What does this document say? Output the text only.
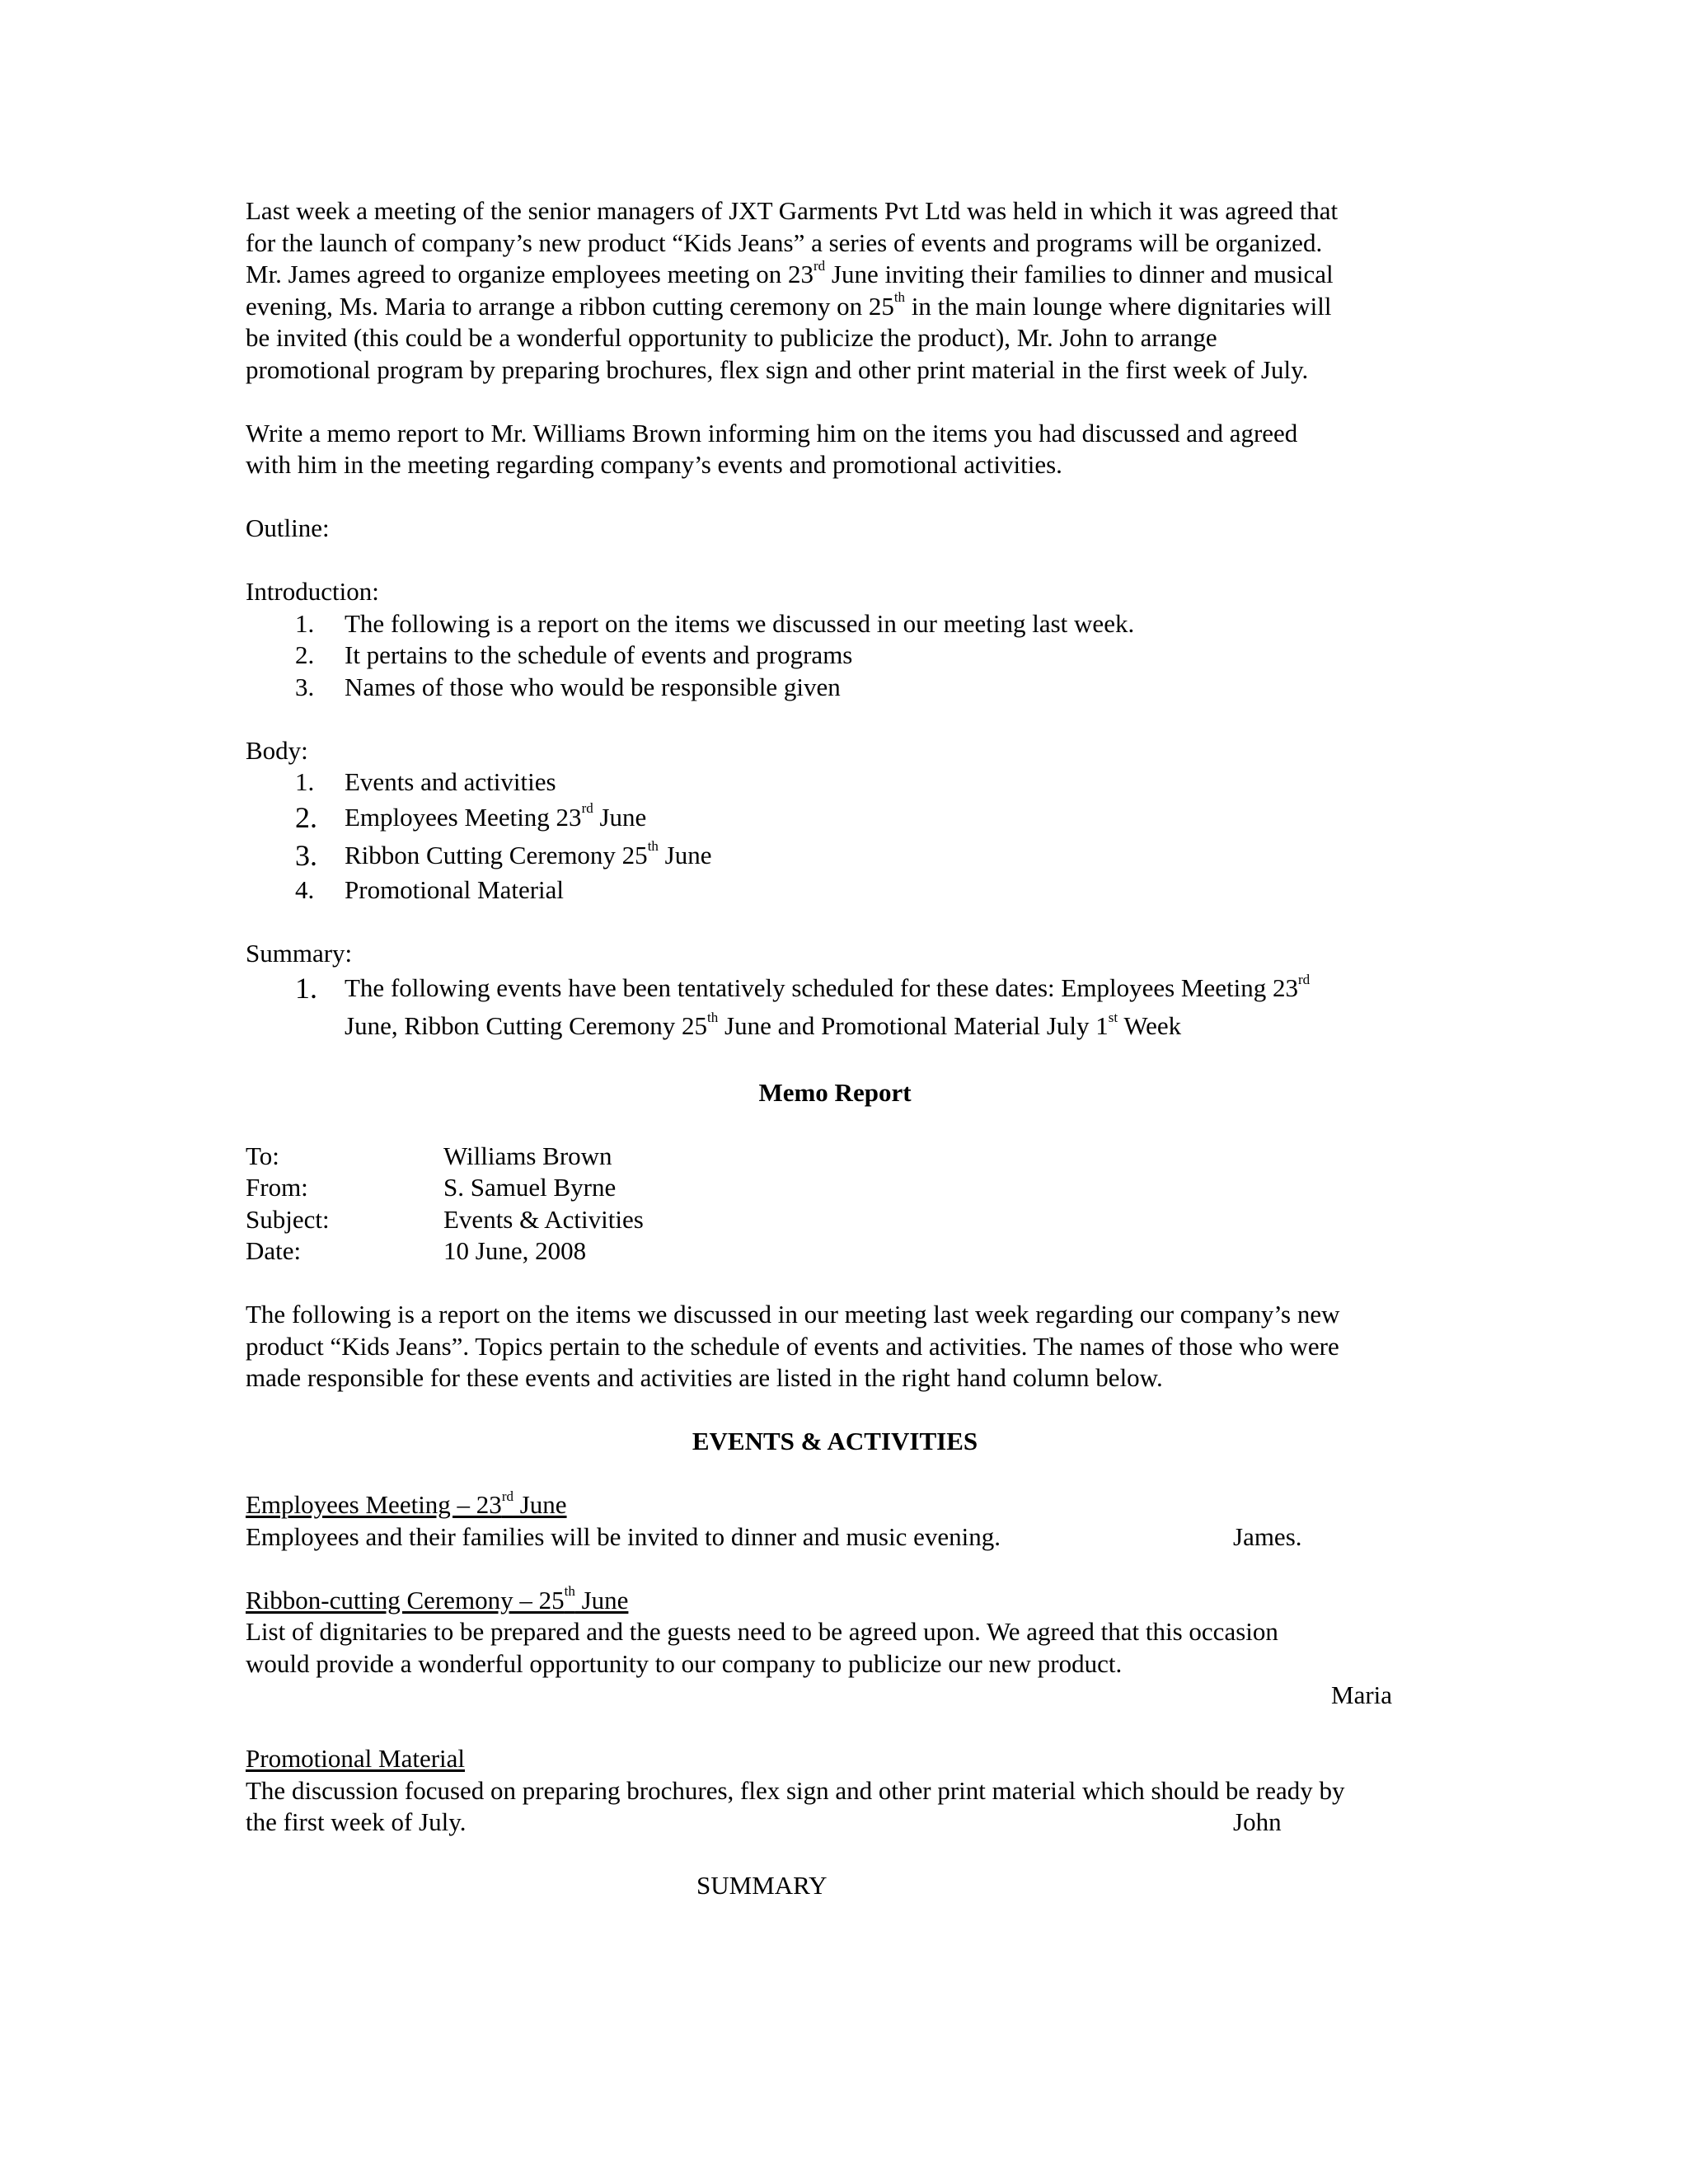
Last week a meeting of the senior managers of JXT Garments Pvt Ltd was held in which it was agreed that

for the launch of company’s new product “Kids Jeans” a series of events and programs will be organized.

Mr. James agreed to organize employees meeting on 23rd June inviting their families to dinner and musical

evening, Ms. Maria to arrange a ribbon cutting ceremony on 25th in the main lounge where dignitaries will

be invited (this could be a wonderful opportunity to publicize the product), Mr. John to arrange

promotional program by preparing brochures, flex sign and other print material in the first week of July.

Write a memo report to Mr. Williams Brown informing him on the items you had discussed and agreed

with him in the meeting regarding company’s events and promotional activities.

Outline:

Introduction:

1.	The following is a report on the items we discussed in our meeting last week.
2.	It pertains to the schedule of events and programs
3.	Names of those who would be responsible given

Body:

1.	Events and activities
2.	Employees Meeting 23rd June
3.	Ribbon Cutting Ceremony 25th June
4.	Promotional Material

Summary:

1.	The following events have been tentatively scheduled for these dates: Employees Meeting 23rd
June, Ribbon Cutting Ceremony 25th June and Promotional Material July 1st Week

Memo Report

To:	Williams Brown
From:	S. Samuel Byrne
Subject:	Events & Activities
Date:	10 June, 2008

The following is a report on the items we discussed in our meeting last week regarding our company’s new

product “Kids Jeans”. Topics pertain to the schedule of events and activities. The names of those who were

made responsible for these events and activities are listed in the right hand column below.

EVENTS & ACTIVITIES

Employees Meeting – 23rd June

Employees and their families will be invited to dinner and music evening.	James.

Ribbon-cutting Ceremony – 25th June

List of dignitaries to be prepared and the guests need to be agreed upon. We agreed that this occasion

would provide a wonderful opportunity to our company to publicize our new product.

Maria

Promotional Material

The discussion focused on preparing brochures, flex sign and other print material which should be ready by

the first week of July.	John

SUMMARY
